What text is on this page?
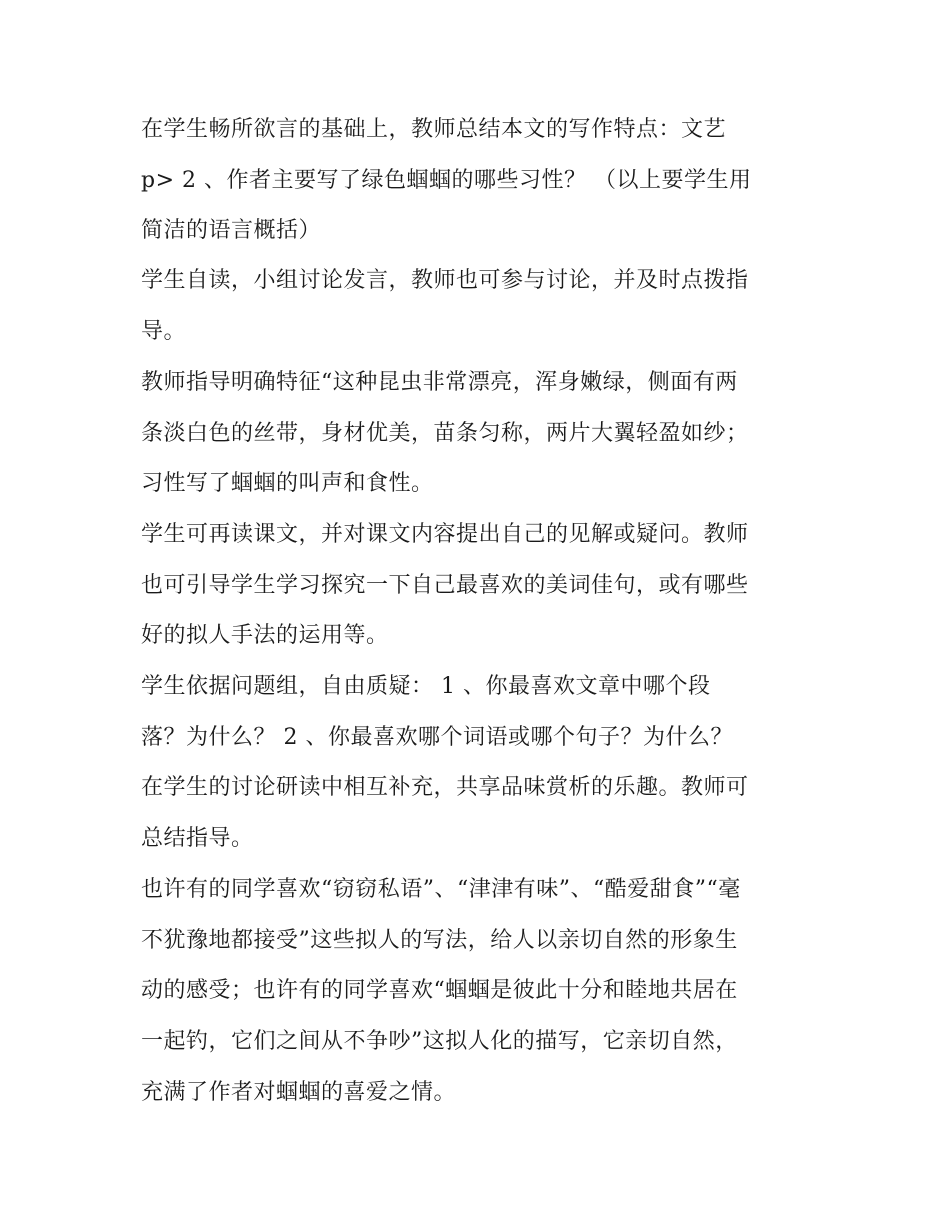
在学生畅所欲言的基础上，教师总结本文的写作特点：文艺
p> 2 、作者主要写了绿色蝈蝈的哪些习性？ （以上要学生用
简洁的语言概括）
学生自读，小组讨论发言，教师也可参与讨论，并及时点拨指
导。
教师指导明确特征“这种昆虫非常漂亮，浑身嫩绿，侧面有两
条淡白色的丝带，身材优美，苗条匀称，两片大翼轻盈如纱；
习性写了蝈蝈的叫声和食性。
学生可再读课文，并对课文内容提出自己的见解或疑问。教师
也可引导学生学习探究一下自己最喜欢的美词佳句，或有哪些
好的拟人手法的运用等。
学生依据问题组，自由质疑： 1 、你最喜欢文章中哪个段
落？为什么？ 2 、你最喜欢哪个词语或哪个句子？为什么？
在学生的讨论研读中相互补充，共享品味赏析的乐趣。教师可
总结指导。
也许有的同学喜欢“窃窃私语”、“津津有味”、“酷爱甜食”“毫
不犹豫地都接受”这些拟人的写法，给人以亲切自然的形象生
动的感受；也许有的同学喜欢“蝈蝈是彼此十分和睦地共居在
一起钓，它们之间从不争吵”这拟人化的描写，它亲切自然，
充满了作者对蝈蝈的喜爱之情。
